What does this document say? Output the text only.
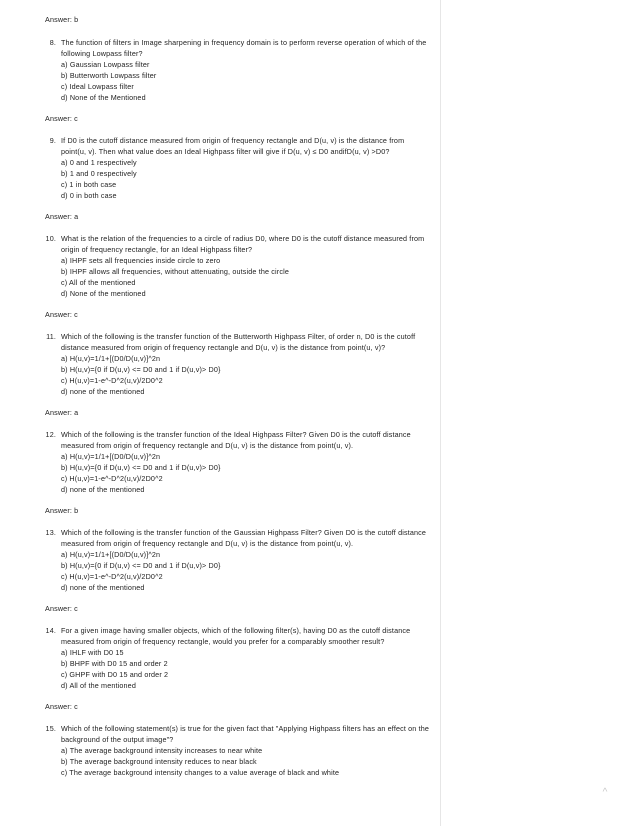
Answer: b

8. The function of filters in Image sharpening in frequency domain is to perform reverse operation of which of the following Lowpass filter?

a) Gaussian Lowpass filter
b) Butterworth Lowpass filter
c) Ideal Lowpass filter
d) None of the Mentioned

Answer: c

9. If D0 is the cutoff distance measured from origin of frequency rectangle and D(u, v) is the distance from point(u, v). Then what value does an Ideal Highpass filter will give if D(u, v) ≤ D0 andifD(u, v) >D0?

a) 0 and 1 respectively
b) 1 and 0 respectively
c) 1 in both case
d) 0 in both case

Answer: a

10. What is the relation of the frequencies to a circle of radius D0, where D0 is the cutoff distance measured from origin of frequency rectangle, for an Ideal Highpass filter?

a) IHPF sets all frequencies inside circle to zero
b) IHPF allows all frequencies, without attenuating, outside the circle
c) All of the mentioned
d) None of the mentioned

Answer: c

11. Which of the following is the transfer function of the Butterworth Highpass Filter, of order n, D0 is the cutoff distance measured from origin of frequency rectangle and D(u, v) is the distance from point(u, v)?

a) H(u,v)=1/1+[(D0/D(u,v)]^2n
b) H(u,v)={0 if D(u,v) <= D0 and 1 if D(u,v)> D0}
c) H(u,v)=1-e^-D^2(u,v)/2D0^2
d) none of the mentioned

Answer: a

12. Which of the following is the transfer function of the Ideal Highpass Filter? Given D0 is the cutoff distance measured from origin of frequency rectangle and D(u, v) is the distance from point(u, v).

a) H(u,v)=1/1+[(D0/D(u,v)]^2n
b) H(u,v)={0 if D(u,v) <= D0 and 1 if D(u,v)> D0}
c) H(u,v)=1-e^-D^2(u,v)/2D0^2
d) none of the mentioned

Answer: b

13. Which of the following is the transfer function of the Gaussian Highpass Filter? Given D0 is the cutoff distance measured from origin of frequency rectangle and D(u, v) is the distance from point(u, v).

a) H(u,v)=1/1+[(D0/D(u,v)]^2n
b) H(u,v)={0 if D(u,v) <= D0 and 1 if D(u,v)> D0}
c) H(u,v)=1-e^-D^2(u,v)/2D0^2
d) none of the mentioned

Answer: c

14. For a given image having smaller objects, which of the following filter(s), having D0 as the cutoff distance measured from origin of frequency rectangle, would you prefer for a comparably smoother result?

a) IHLF with D0 15
b) BHPF with D0 15 and order 2
c) GHPF with D0 15 and order 2
d) All of the mentioned

Answer: c

15. Which of the following statement(s) is true for the given fact that "Applying Highpass filters has an effect on the background of the output image"?

a) The average background intensity increases to near white
b) The average background intensity reduces to near black
c) The average background intensity changes to a value average of black and white
^
